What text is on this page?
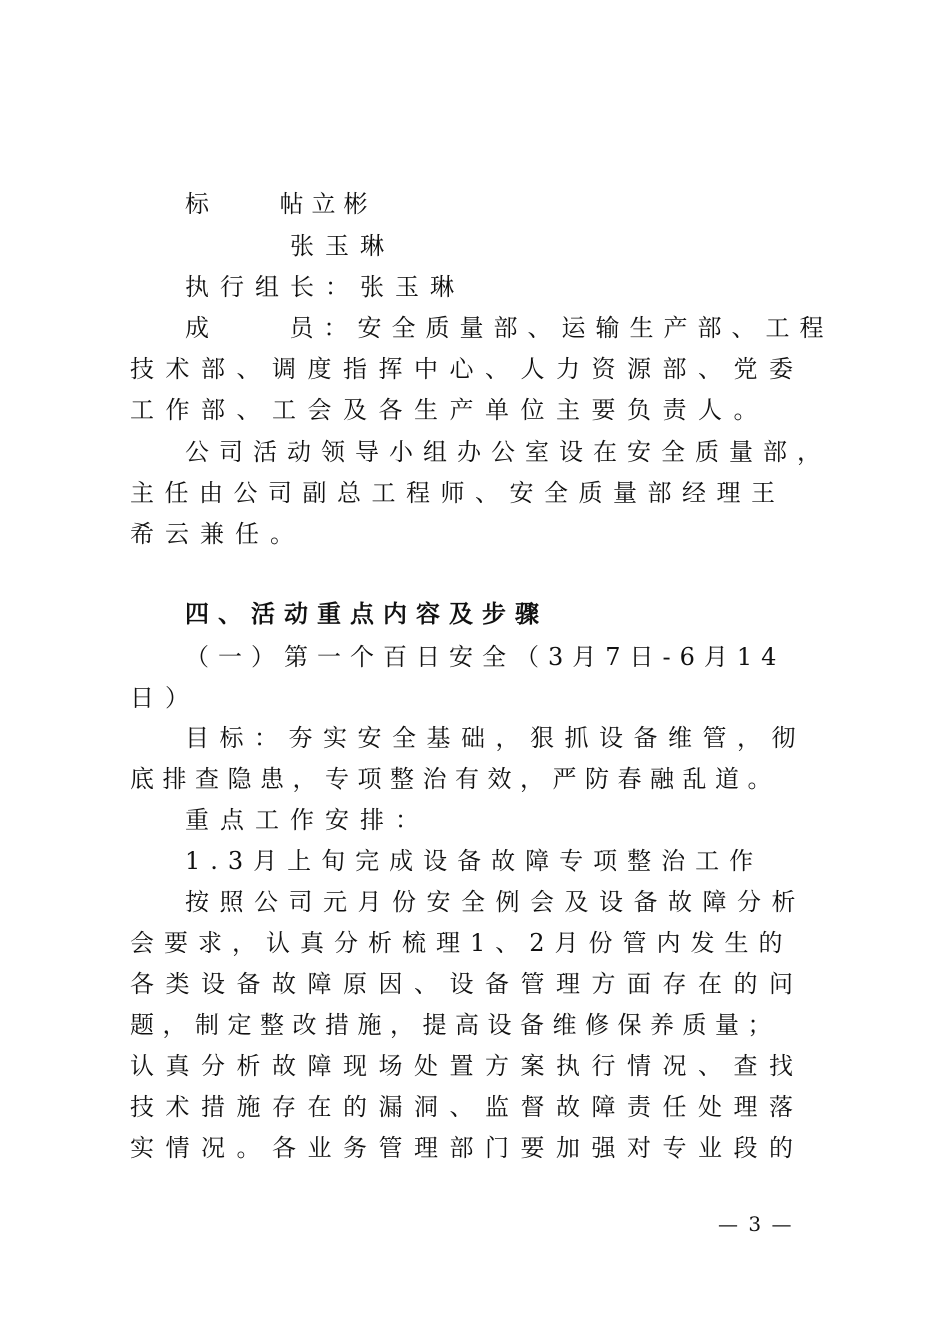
标    帖立彬
张玉琳
执行组长：张玉琳
成    员：安全质量部、运输生产部、工程
技术部、调度指挥中心、人力资源部、党委
工作部、工会及各生产单位主要负责人。
公司活动领导小组办公室设在安全质量部，
主任由公司副总工程师、安全质量部经理王
希云兼任。
四、活动重点内容及步骤
（一）第一个百日安全（3月7日-6月14
日）
目标：夯实安全基础，狠抓设备维管，彻
底排查隐患，专项整治有效，严防春融乱道。
重点工作安排：
1.3月上旬完成设备故障专项整治工作
按照公司元月份安全例会及设备故障分析
会要求，认真分析梳理1、2月份管内发生的
各类设备故障原因、设备管理方面存在的问
题，制定整改措施，提高设备维修保养质量；
认真分析故障现场处置方案执行情况、查找
技术措施存在的漏洞、监督故障责任处理落
实情况。各业务管理部门要加强对专业段的
— 3 —
